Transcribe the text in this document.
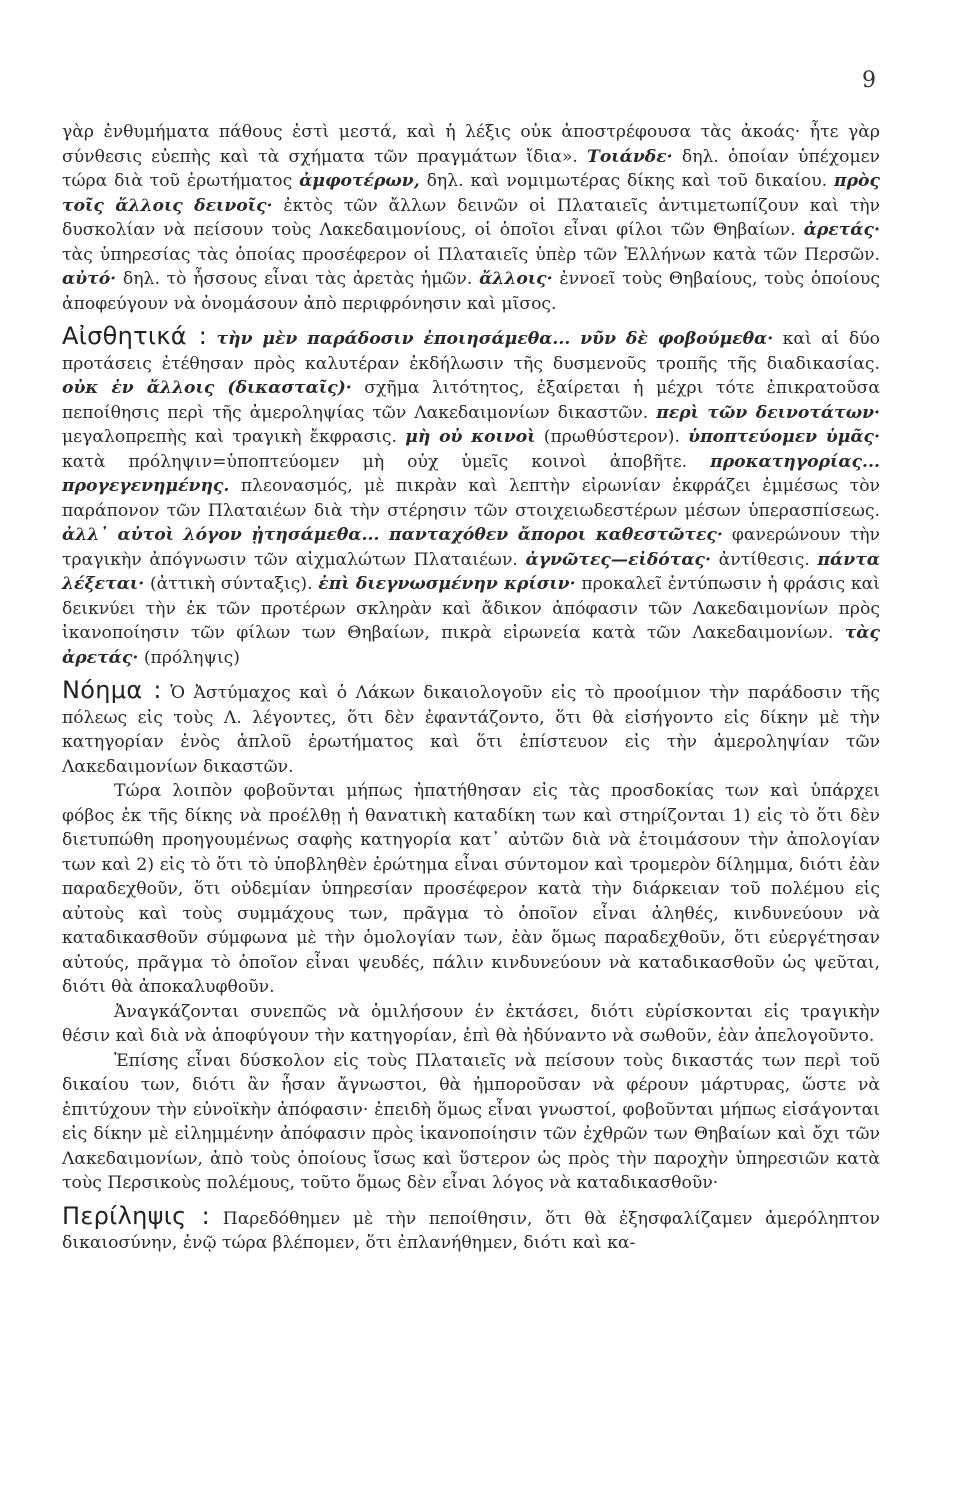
9

γὰρ ἐνθυμήματα πάθους ἐστὶ μεστά, καὶ ἡ λέξις οὐκ ἀποστρέφουσα τὰς ἀκοάς· ἦτε γὰρ σύνθεσις εὐεπὴς καὶ τὰ σχήματα τῶν πραγμάτων ἴδια». Τοιάνδε· δηλ. ὁποίαν ὑπέχομεν τώρα διὰ τοῦ ἐρωτήματος ἀμφοτέρων, δηλ. καὶ νομιμωτέρας δίκης καὶ τοῦ δικαίου. πρὸς τοῖς ἄλλοις δεινοῖς· ἐκτὸς τῶν ἄλλων δεινῶν οἱ Πλαταιεῖς ἀντιμετωπίζουν καὶ τὴν δυσκολίαν νὰ πείσουν τοὺς Λακεδαιμονίους, οἱ ὁποῖοι εἶναι φίλοι τῶν Θηβαίων. ἀρετάς· τὰς ὑπηρεσίας τὰς ὁποίας προσέφερον οἱ Πλαταιεῖς ὑπὲρ τῶν Ἑλλήνων κατὰ τῶν Περσῶν. αὐτό· δηλ. τὸ ἧσσους εἶναι τὰς ἀρετὰς ἡμῶν. ἄλλοις· ἐννοεῖ τοὺς Θηβαίους, τοὺς ὁποίους ἀποφεύγουν νὰ ὀνομάσουν ἀπὸ περιφρόνησιν καὶ μῖσος.

Αἰσθητικά : τὴν μὲν παράδοσιν ἐποιησάμεθα... νῦν δὲ φοβούμεθα· καὶ αἱ δύο προτάσεις ἐτέθησαν πρὸς καλυτέραν ἐκδήλωσιν τῆς δυσμενοῦς τροπῆς τῆς διαδικασίας. οὐκ ἐν ἄλλοις (δικασταῖς)· σχῆμα λιτότητος, ἐξαίρεται ἡ μέχρι τότε ἐπικρατοῦσα πεποίθησις περὶ τῆς ἀμεροληψίας τῶν Λακεδαιμονίων δικαστῶν. περὶ τῶν δεινοτάτων· μεγαλοπρεπὴς καὶ τραγικὴ ἔκφρασις. μὴ οὐ κοινοὶ (πρωθύστερον). ὑποπτεύομεν ὑμᾶς· κατὰ πρόληψιν=ὑποπτεύομεν μὴ οὐχ ὑμεῖς κοινοὶ ἀποβῆτε. προκατηγορίας... προγεγενημένης. πλεονασμός, μὲ πικρὰν καὶ λεπτὴν εἰρωνίαν ἐκφράζει ἐμμέσως τὸν παράπονον τῶν Πλαταιέων διὰ τὴν στέρησιν τῶν στοιχειωδεστέρων μέσων ὑπερασπίσεως. ἀλλ᾽ αὐτοὶ λόγον ᾐτησάμεθα... πανταχόθεν ἄποροι καθεστῶτες· φανερώνουν τὴν τραγικὴν ἀπόγνωσιν τῶν αἰχμαλώτων Πλαταιέων. ἀγνῶτες—εἰδότας· ἀντίθεσις. πάντα λέξεται· (ἀττικὴ σύνταξις). ἐπὶ διεγνωσμένην κρίσιν· προκαλεῖ ἐντύπωσιν ἡ φράσις καὶ δεικνύει τὴν ἐκ τῶν προτέρων σκληρὰν καὶ ἄδικον ἀπόφασιν τῶν Λακεδαιμονίων πρὸς ἱκανοποίησιν τῶν φίλων των Θηβαίων, πικρὰ εἰρωνεία κατὰ τῶν Λακεδαιμονίων. τὰς ἀρετάς· (πρόληψις)

Νόημα : Ὁ Ἀστύμαχος καὶ ὁ Λάκων δικαιολογοῦν εἰς τὸ προοίμιον τὴν παράδοσιν τῆς πόλεως εἰς τοὺς Λ. λέγοντες, ὅτι δὲν ἐφαντάζοντο, ὅτι θὰ εἰσήγοντο εἰς δίκην μὲ τὴν κατηγορίαν ἑνὸς ἁπλοῦ ἐρωτήματος καὶ ὅτι ἐπίστευον εἰς τὴν ἀμεροληψίαν τῶν Λακεδαιμονίων δικαστῶν.

Τώρα λοιπὸν φοβοῦνται μήπως ἠπατήθησαν εἰς τὰς προσδοκίας των καὶ ὑπάρχει φόβος ἐκ τῆς δίκης νὰ προέλθῃ ἡ θανατικὴ καταδίκη των καὶ στηρίζονται 1) εἰς τὸ ὅτι δὲν διετυπώθη προηγουμένως σαφὴς κατηγορία κατ᾽ αὐτῶν διὰ νὰ ἑτοιμάσουν τὴν ἀπολογίαν των καὶ 2) εἰς τὸ ὅτι τὸ ὑποβληθὲν ἐρώτημα εἶναι σύντομον καὶ τρομερὸν δίλημμα, διότι ἐὰν παραδεχθοῦν, ὅτι οὐδεμίαν ὑπηρεσίαν προσέφερον κατὰ τὴν διάρκειαν τοῦ πολέμου εἰς αὐτοὺς καὶ τοὺς συμμάχους των, πρᾶγμα τὸ ὁποῖον εἶναι ἀληθές, κινδυνεύουν νὰ καταδικασθοῦν σύμφωνα μὲ τὴν ὁμολογίαν των, ἐὰν ὅμως παραδεχθοῦν, ὅτι εὐεργέτησαν αὐτούς, πρᾶγμα τὸ ὁποῖον εἶναι ψευδές, πάλιν κινδυνεύουν νὰ καταδικασθοῦν ὡς ψεῦται, διότι θὰ ἀποκαλυφθοῦν.

Ἀναγκάζονται συνεπῶς νὰ ὁμιλήσουν ἐν ἐκτάσει, διότι εὑρίσκονται εἰς τραγικὴν θέσιν καὶ διὰ νὰ ἀποφύγουν τὴν κατηγορίαν, ἐπὶ θὰ ἠδύναντο νὰ σωθοῦν, ἐὰν ἀπελογοῦντο.

Ἐπίσης εἶναι δύσκολον εἰς τοὺς Πλαταιεῖς νὰ πείσουν τοὺς δικαστάς των περὶ τοῦ δικαίου των, διότι ἂν ἦσαν ἄγνωστοι, θὰ ἠμποροῦσαν νὰ φέρουν μάρτυρας, ὥστε νὰ ἐπιτύχουν τὴν εὐνοϊκὴν ἀπόφασιν· ἐπειδὴ ὅμως εἶναι γνωστοί, φοβοῦνται μήπως εἰσάγονται εἰς δίκην μὲ εἰλημμένην ἀπόφασιν πρὸς ἱκανοποίησιν τῶν ἐχθρῶν των Θηβαίων καὶ ὄχι τῶν Λακεδαιμονίων, ἀπὸ τοὺς ὁποίους ἴσως καὶ ὕστερον ὡς πρὸς τὴν παροχὴν ὑπηρεσιῶν κατὰ τοὺς Περσικοὺς πολέμους, τοῦτο ὅμως δὲν εἶναι λόγος νὰ καταδικασθοῦν·

Περίληψις : Παρεδόθημεν μὲ τὴν πεποίθησιν, ὅτι θὰ ἐξησφαλίζαμεν ἀμερόληπτον δικαιοσύνην, ἐνῷ τώρα βλέπομεν, ὅτι ἐπλανήθημεν, διότι καὶ κα-
